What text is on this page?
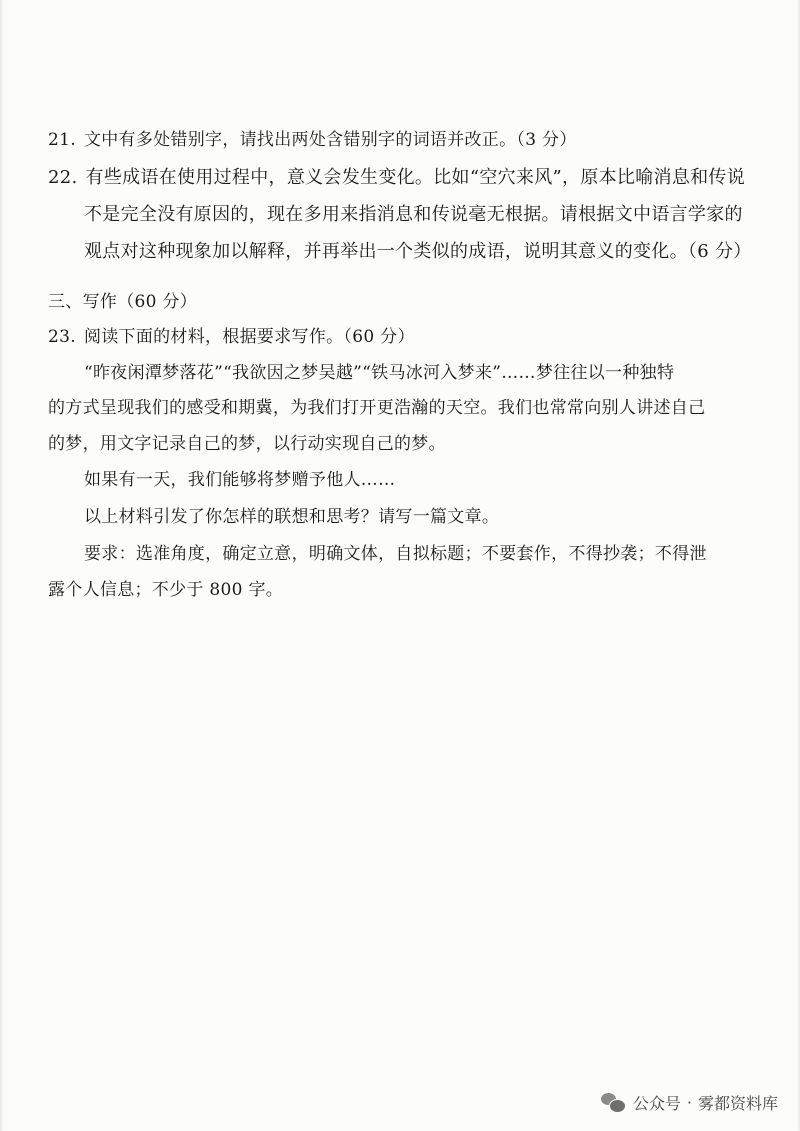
21. 文中有多处错别字，请找出两处含错别字的词语并改正。（3 分）
22. 有些成语在使用过程中，意义会发生变化。比如“空穴来风”，原本比喻消息和传说
不是完全没有原因的，现在多用来指消息和传说毫无根据。请根据文中语言学家的
观点对这种现象加以解释，并再举出一个类似的成语，说明其意义的变化。（6 分）
三、写作（60 分）
23. 阅读下面的材料，根据要求写作。（60 分）
“昨夜闲潭梦落花”“我欲因之梦吴越”“铁马冰河入梦来”……梦往往以一种独特
的方式呈现我们的感受和期冀，为我们打开更浩瀚的天空。我们也常常向别人讲述自己
的梦，用文字记录自己的梦，以行动实现自己的梦。
如果有一天，我们能够将梦赠予他人……
以上材料引发了你怎样的联想和思考？请写一篇文章。
要求：选准角度，确定立意，明确文体，自拟标题；不要套作，不得抄袭；不得泄
露个人信息；不少于 800 字。
公众号 · 雾都资料库
